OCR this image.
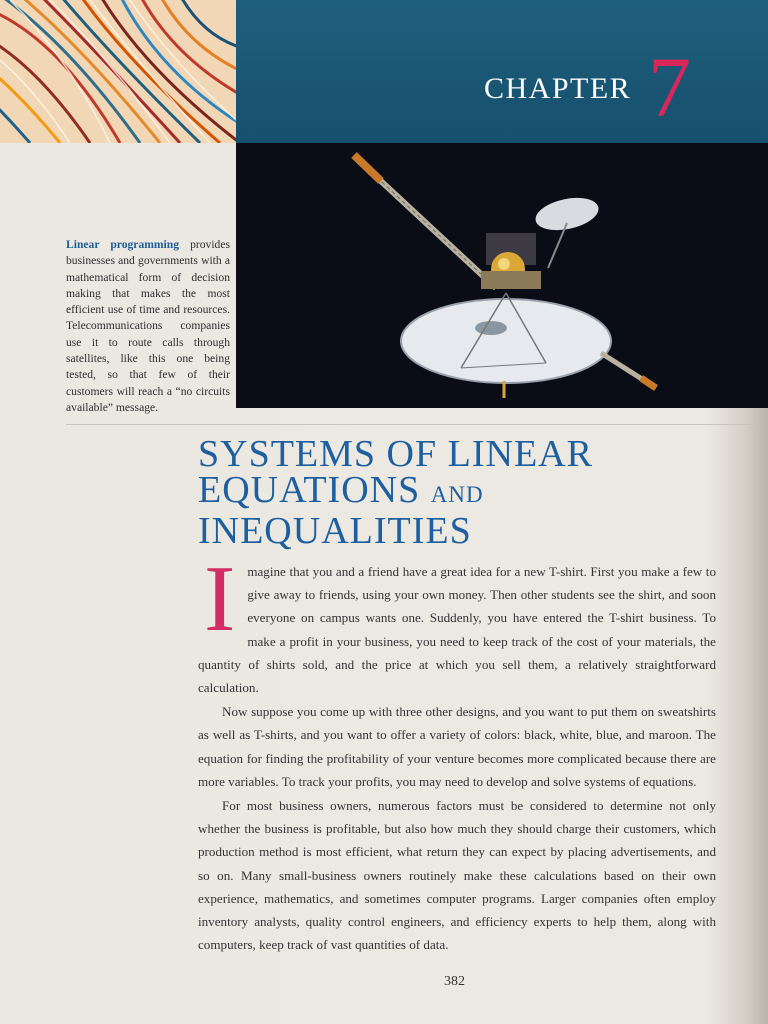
CHAPTER 7
Linear programming provides businesses and governments with a mathematical form of decision making that makes the most efficient use of time and resources. Telecommunications companies use it to route calls through satellites, like this one being tested, so that few of their customers will reach a “no circuits available” message.
SYSTEMS OF LINEAR
EQUATIONS AND
INEQUALITIES

Imagine that you and a friend have a great idea for a new T-shirt. First you make a few to give away to friends, using your own money. Then other students see the shirt, and soon everyone on campus wants one. Suddenly, you have entered the T-shirt business. To make a profit in your business, you need to keep track of the cost of your materials, the quantity of shirts sold, and the price at which you sell them, a relatively straightforward calculation.

Now suppose you come up with three other designs, and you want to put them on sweatshirts as well as T-shirts, and you want to offer a variety of colors: black, white, blue, and maroon. The equation for finding the profitability of your venture becomes more complicated because there are more variables. To track your profits, you may need to develop and solve systems of equations.

For most business owners, numerous factors must be considered to determine not only whether the business is profitable, but also how much they should charge their customers, which production method is most efficient, what return they can expect by placing advertisements, and so on. Many small-business owners routinely make these calculations based on their own experience, mathematics, and sometimes computer programs. Larger companies often employ inventory analysts, quality control engineers, and efficiency experts to help them, along with computers, keep track of vast quantities of data.

382
